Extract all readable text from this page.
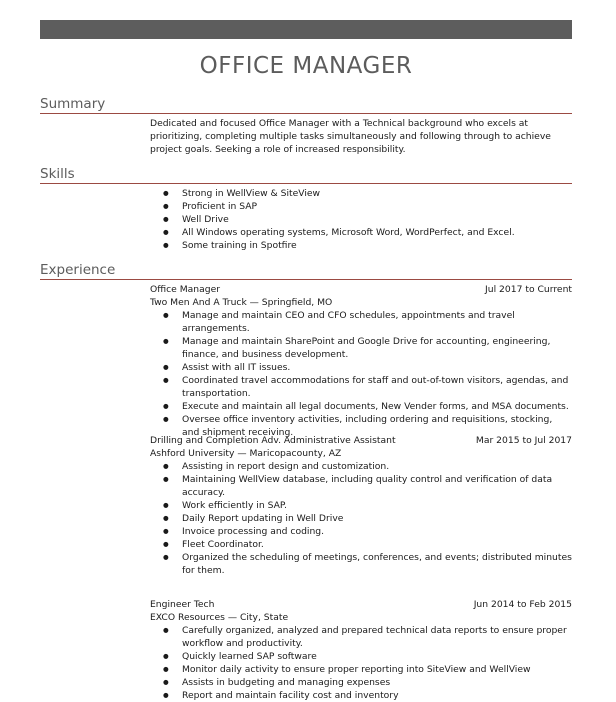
OFFICE MANAGER
Summary
Dedicated and focused Office Manager with a Technical background who excels at prioritizing, completing multiple tasks simultaneously and following through to achieve project goals. Seeking a role of increased responsibility.
Skills
● Strong in WellView & SiteView
● Proficient in SAP
● Well Drive
● All Windows operating systems, Microsoft Word, WordPerfect, and Excel.
● Some training in Spotfire
Experience
Office Manager	Jul 2017 to Current
Two Men And A Truck — Springfield, MO
● Manage and maintain CEO and CFO schedules, appointments and travel arrangements.
● Manage and maintain SharePoint and Google Drive for accounting, engineering, finance, and business development.
● Assist with all IT issues.
● Coordinated travel accommodations for staff and out-of-town visitors, agendas, and transportation.
● Execute and maintain all legal documents, New Vender forms, and MSA documents.
● Oversee office inventory activities, including ordering and requisitions, stocking, and shipment receiving.
Drilling and Completion Adv. Administrative Assistant	Mar 2015 to Jul 2017
Ashford University — Maricopacounty, AZ
● Assisting in report design and customization.
● Maintaining WellView database, including quality control and verification of data accuracy.
● Work efficiently in SAP.
● Daily Report updating in Well Drive
● Invoice processing and coding.
● Fleet Coordinator.
● Organized the scheduling of meetings, conferences, and events; distributed minutes for them.
Engineer Tech	Jun 2014 to Feb 2015
EXCO Resources — City, State
● Carefully organized, analyzed and prepared technical data reports to ensure proper workflow and productivity.
● Quickly learned SAP software
● Monitor daily activity to ensure proper reporting into SiteView and WellView
● Assists in budgeting and managing expenses
● Report and maintain facility cost and inventory
